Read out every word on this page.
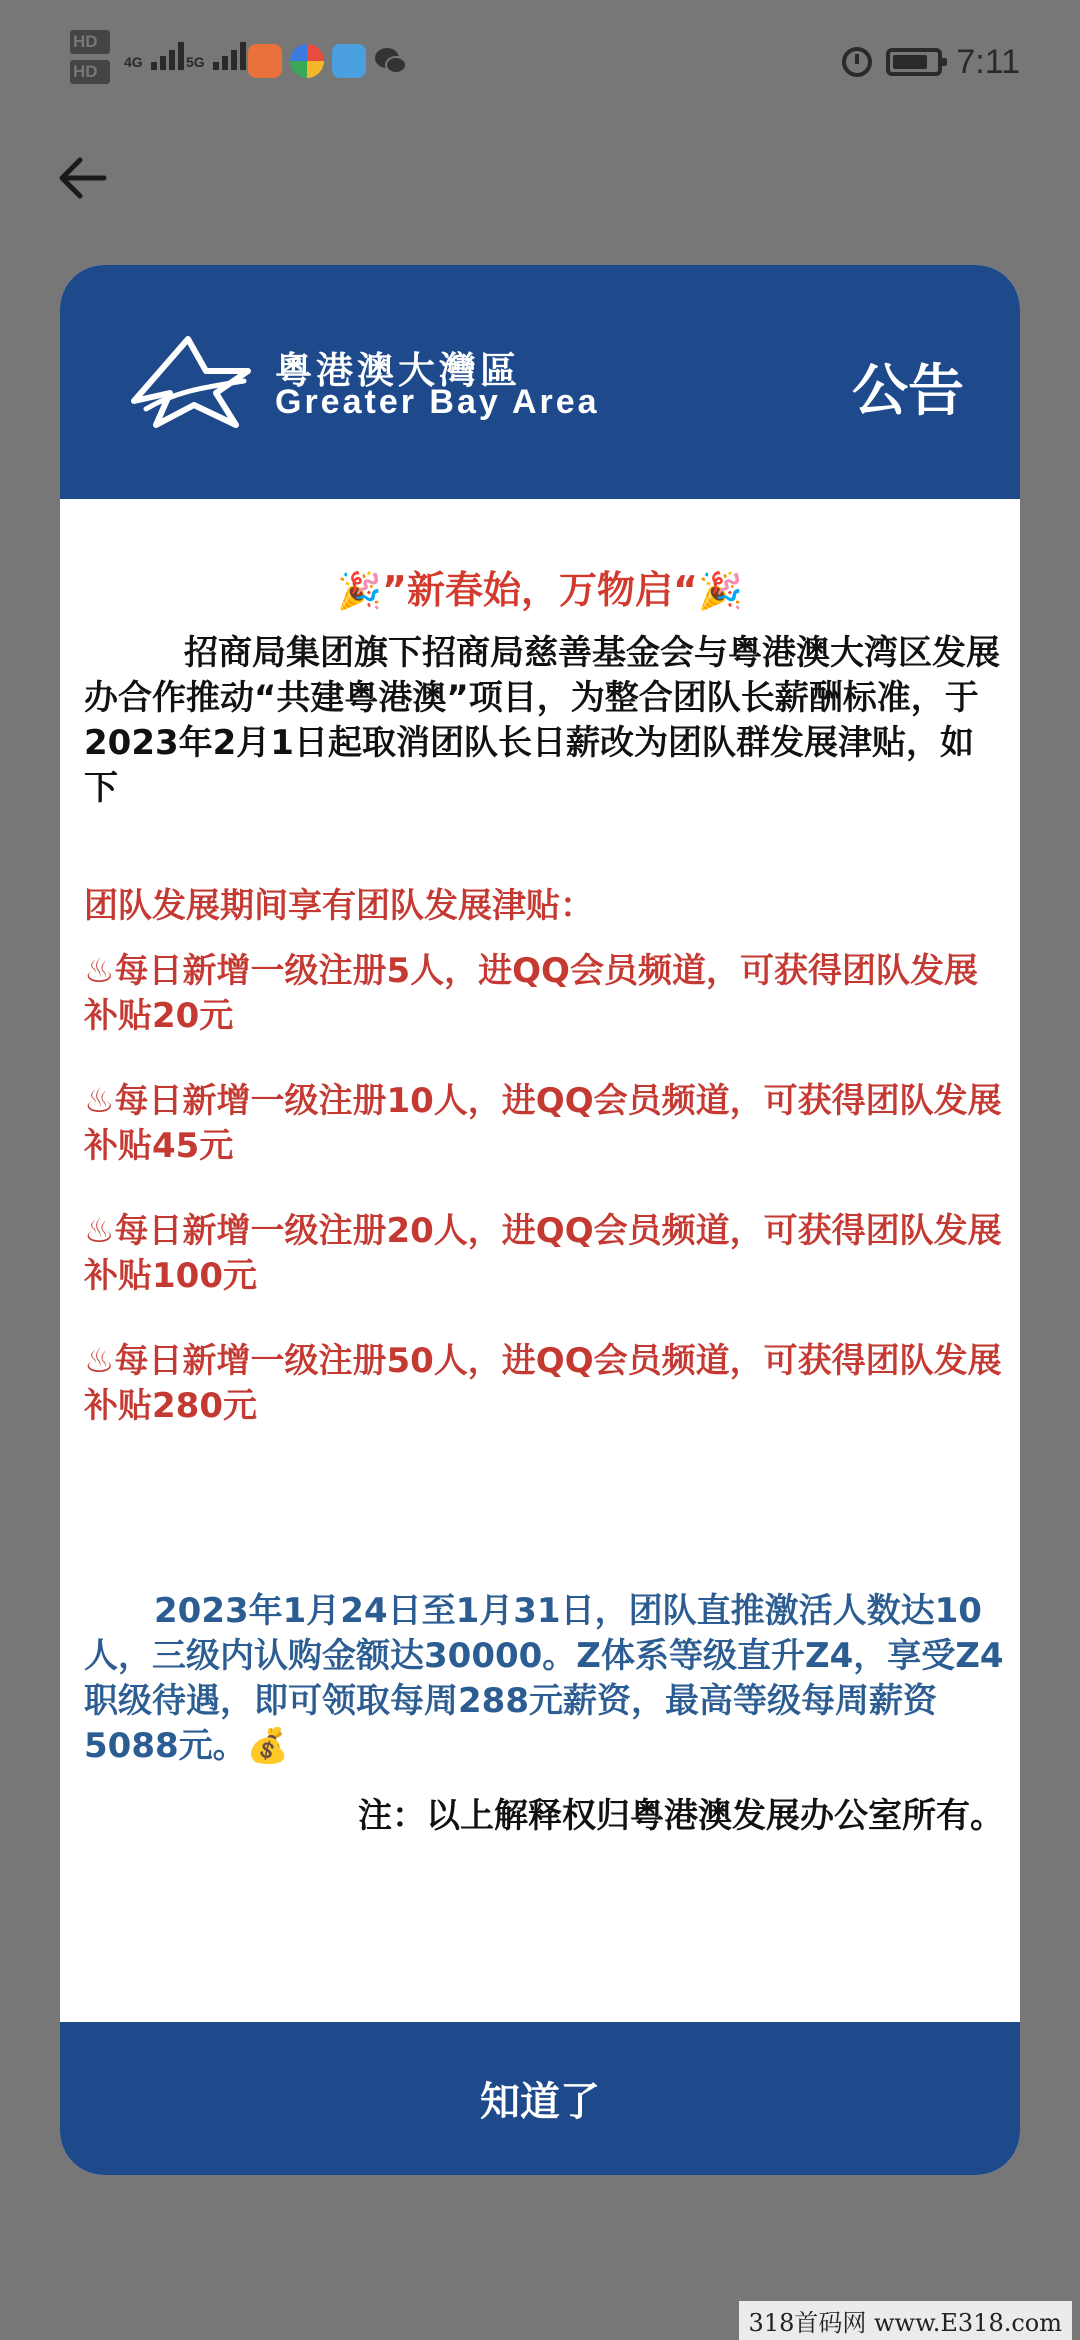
HD
HD	4G	5G	7:11
粵港澳大灣區
Greater Bay Area	公告
🎉”新春始，万物启“🎉

招商局集团旗下招商局慈善基金会与粤港澳大湾区发展办合作推动“共建粤港澳”项目，为整合团队长薪酬标准，于2023年2月1日起取消团队长日薪改为团队群发展津贴，如下

团队发展期间享有团队发展津贴：

♨每日新增一级注册5人，进QQ会员频道，可获得团队发展补贴20元

♨每日新增一级注册10人，进QQ会员频道，可获得团队发展补贴45元

♨每日新增一级注册20人，进QQ会员频道，可获得团队发展补贴100元

♨每日新增一级注册50人，进QQ会员频道，可获得团队发展补贴280元

2023年1月24日至1月31日，团队直推激活人数达10人，三级内认购金额达30000。Z体系等级直升Z4，享受Z4职级待遇，即可领取每周288元薪资，最高等级每周薪资5088元。💰

注：以上解释权归粤港澳发展办公室所有。

知道了
318首码网 www.E318.com
